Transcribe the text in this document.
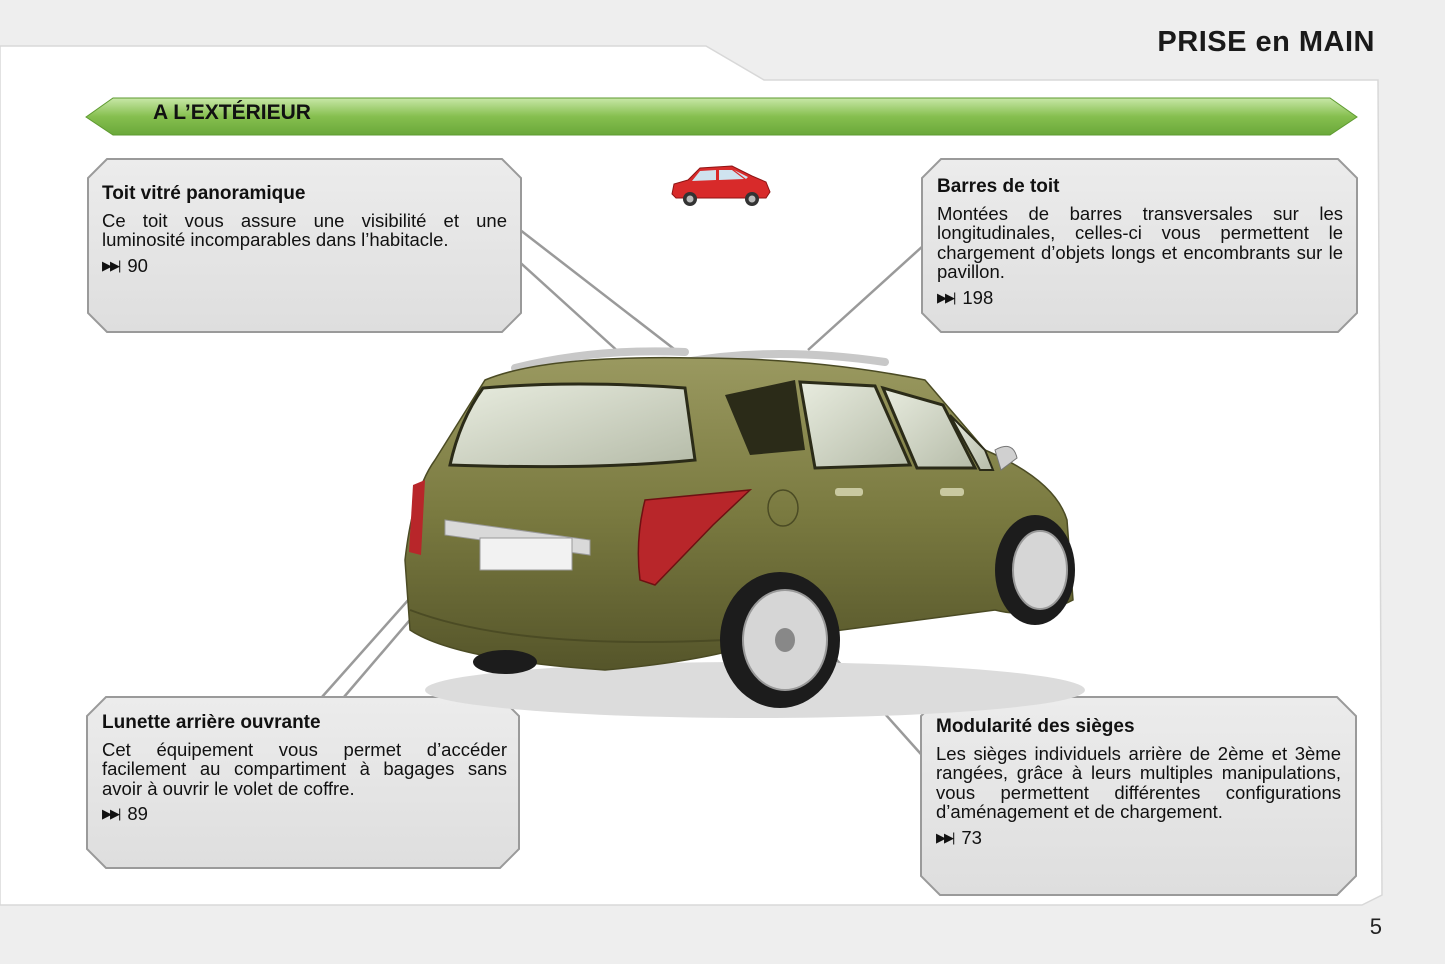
PRISE en MAIN
A L’EXTÉRIEUR
Toit vitré panoramique

Ce toit vous assure une visibilité et une luminosité incomparables dans l’habitacle.

▶▶| 90
Barres de toit

Montées de barres transversales sur les longitudinales, celles-ci vous permettent le chargement d’objets longs et encombrants sur le pavillon.

▶▶| 198
Lunette arrière ouvrante

Cet équipement vous permet d’accéder facilement au compartiment à bagages sans avoir à ouvrir le volet de coffre.

▶▶| 89
Modularité des sièges

Les sièges individuels arrière de 2ème et 3ème rangées, grâce à leurs multiples manipulations, vous permettent différentes configurations d’aménagement et de chargement.

▶▶| 73
5
